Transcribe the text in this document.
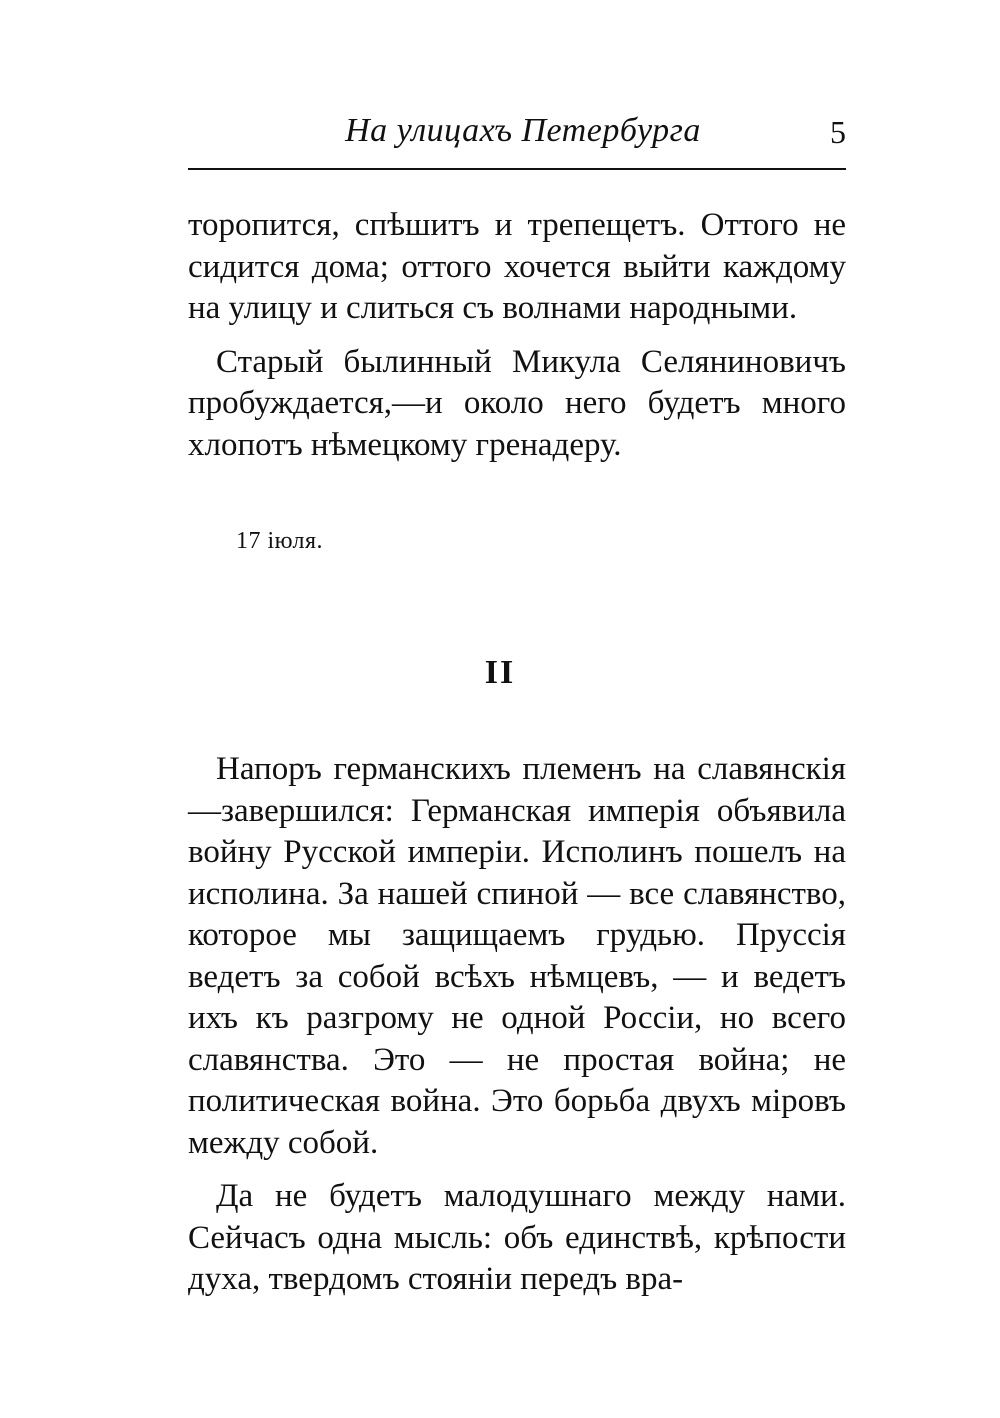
На улицахъ Петербурга	5

торопится, спѣшитъ и трепещетъ. Оттого не сидится дома; оттого хочется выйти каждому на улицу и слиться съ волнами народными.

Старый былинный Микула Селяниновичъ пробуждается,—и около него будетъ много хлопотъ нѣмецкому гренадеру.

17 іюля.
II

Напоръ германскихъ племенъ на славянскія—завершился: Германская имперія объявила войну Русской имперіи. Исполинъ пошелъ на исполина. За нашей спиной — все славянство, которое мы защищаемъ грудью. Пруссія ведетъ за собой всѣхъ нѣмцевъ, — и ведетъ ихъ къ разгрому не одной Россіи, но всего славянства. Это — не простая война; не политическая война. Это борьба двухъ міровъ между собой.

Да не будетъ малодушнаго между нами. Сейчасъ одна мысль: объ единствѣ, крѣпости духа, твердомъ стояніи передъ вра-
